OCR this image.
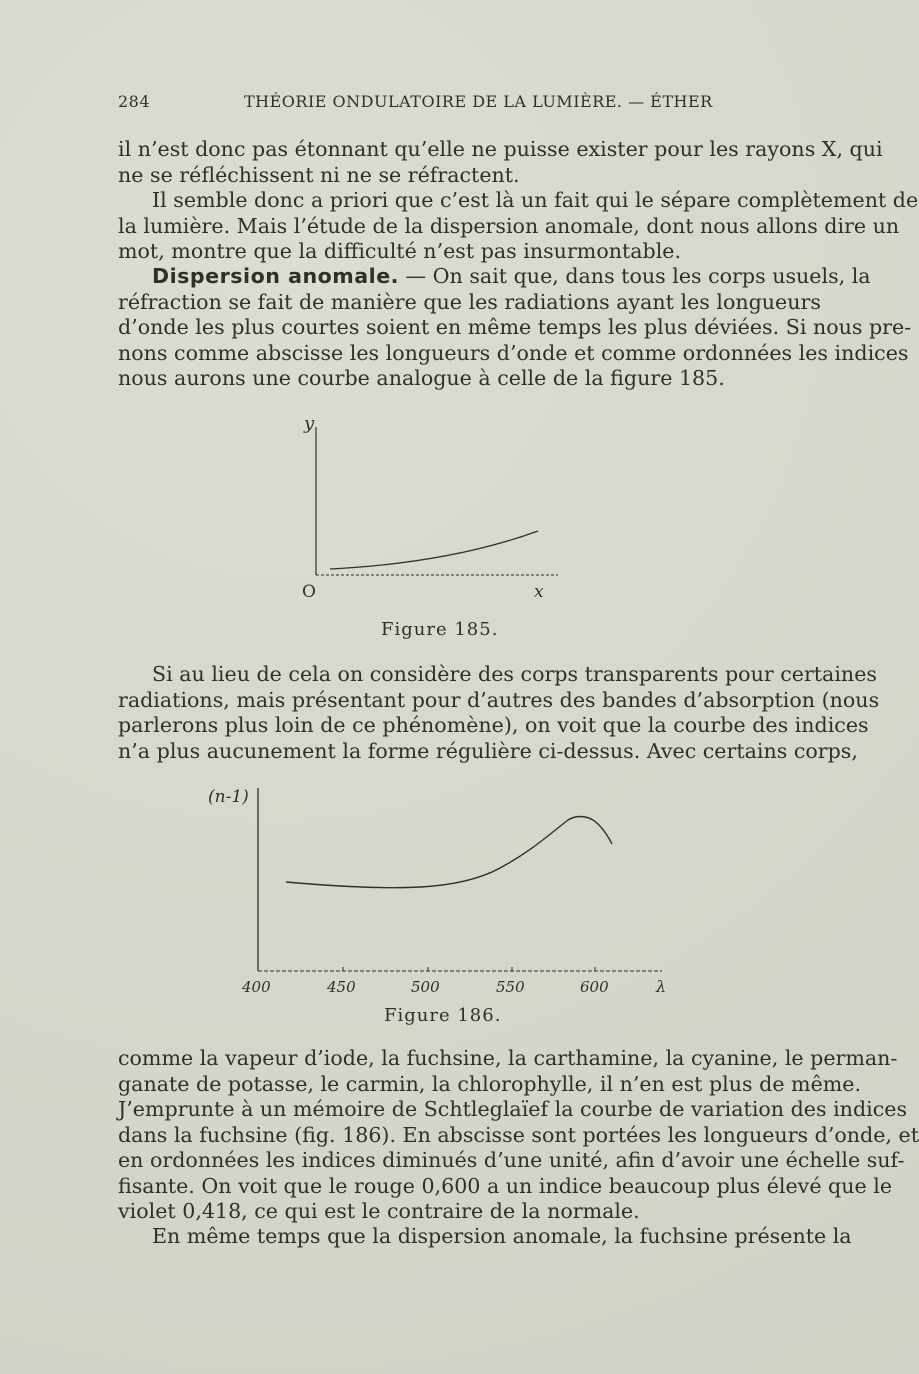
284	THÉORIE ONDULATOIRE DE LA LUMIÈRE. — ÉTHER
il n’est donc pas étonnant qu’elle ne puisse exister pour les rayons X, qui
ne se réfléchissent ni ne se réfractent.
Il semble donc a priori que c’est là un fait qui le sépare complètement de
la lumière. Mais l’étude de la dispersion anomale, dont nous allons dire un
mot, montre que la difficulté n’est pas insurmontable.
Dispersion anomale. — On sait que, dans tous les corps usuels, la
réfraction se fait de manière que les radiations ayant les longueurs
d’onde les plus courtes soient en même temps les plus déviées. Si nous pre-
nons comme abscisse les longueurs d’onde et comme ordonnées les indices
nous aurons une courbe analogue à celle de la figure 185.
y
O	x
Figure 185.
Si au lieu de cela on considère des corps transparents pour certaines
radiations, mais présentant pour d’autres des bandes d’absorption (nous
parlerons plus loin de ce phénomène), on voit que la courbe des indices
n’a plus aucunement la forme régulière ci-dessus. Avec certains corps,
(n-1)
400	450	500	550	600	λ
Figure 186.
comme la vapeur d’iode, la fuchsine, la carthamine, la cyanine, le perman-
ganate de potasse, le carmin, la chlorophylle, il n’en est plus de même.
J’emprunte à un mémoire de Schtleglaïef la courbe de variation des indices
dans la fuchsine (fig. 186). En abscisse sont portées les longueurs d’onde, et
en ordonnées les indices diminués d’une unité, afin d’avoir une échelle suf-
fisante. On voit que le rouge 0,600 a un indice beaucoup plus élevé que le
violet 0,418, ce qui est le contraire de la normale.
En même temps que la dispersion anomale, la fuchsine présente la
